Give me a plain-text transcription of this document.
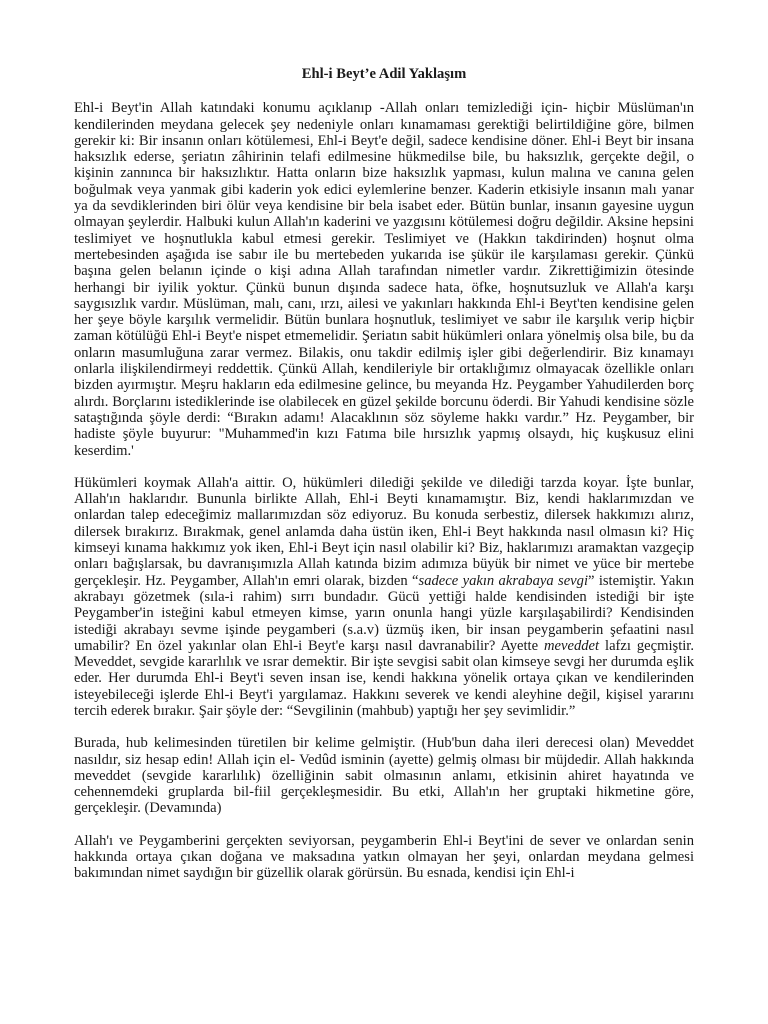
Ehl-i Beyt’e Adil Yaklaşım

Ehl-i Beyt'in Allah katındaki konumu açıklanıp -Allah onları temizlediği için- hiçbir Müslüman'ın kendilerinden meydana gelecek şey nedeniyle onları kınamaması gerektiği belirtildiğine göre, bilmen gerekir ki: Bir insanın onları kötülemesi, Ehl-i Beyt'e değil, sadece kendisine döner. Ehl-i Beyt bir insana haksızlık ederse, şeriatın zâhirinin telafi edilmesine hükmedilse bile, bu haksızlık, gerçekte değil, o kişinin zannınca bir haksızlıktır. Hatta onların bize haksızlık yapması, kulun malına ve canına gelen boğulmak veya yanmak gibi kaderin yok edici eylemlerine benzer. Kaderin etkisiyle insanın malı yanar ya da sevdiklerinden biri ölür veya kendisine bir bela isabet eder. Bütün bunlar, insanın gayesine uygun olmayan şeylerdir. Halbuki kulun Allah'ın kaderini ve yazgısını kötülemesi doğru değildir. Aksine hepsini teslimiyet ve hoşnutlukla kabul etmesi gerekir. Teslimiyet ve (Hakkın takdirinden) hoşnut olma mertebesinden aşağıda ise sabır ile bu mertebeden yukarıda ise şükür ile karşılaması gerekir. Çünkü başına gelen belanın içinde o kişi adına Allah tarafından nimetler vardır. Zikrettiğimizin ötesinde herhangi bir iyilik yoktur. Çünkü bunun dışında sadece hata, öfke, hoşnutsuzluk ve Allah'a karşı saygısızlık vardır. Müslüman, malı, canı, ırzı, ailesi ve yakınları hakkında Ehl-i Beyt'ten kendisine gelen her şeye böyle karşılık vermelidir. Bütün bunlara hoşnutluk, teslimiyet ve sabır ile karşılık verip hiçbir zaman kötülüğü Ehl-i Beyt'e nispet etmemelidir. Şeriatın sabit hükümleri onlara yönelmiş olsa bile, bu da onların masumluğuna zarar vermez. Bilakis, onu takdir edilmiş işler gibi değerlendirir. Biz kınamayı onlarla ilişkilendirmeyi reddettik. Çünkü Allah, kendileriyle bir ortaklığımız olmayacak özellikle onları bizden ayırmıştır. Meşru hakların eda edilmesine gelince, bu meyanda Hz. Peygamber Yahudilerden borç alırdı. Borçlarını istediklerinde ise olabilecek en güzel şekilde borcunu öderdi. Bir Yahudi kendisine sözle sataştığında şöyle derdi: “Bırakın adamı! Alacaklının söz söyleme hakkı vardır.” Hz. Peygamber, bir hadiste şöyle buyurur: "Muhammed'in kızı Fatıma bile hırsızlık yapmış olsaydı, hiç kuşkusuz elini keserdim.'

Hükümleri koymak Allah'a aittir. O, hükümleri dilediği şekilde ve dilediği tarzda koyar. İşte bunlar, Allah'ın haklarıdır. Bununla birlikte Allah, Ehl-i Beyti kınamamıştır. Biz, kendi haklarımızdan ve onlardan talep edeceğimiz mallarımızdan söz ediyoruz. Bu konuda serbestiz, dilersek hakkımızı alırız, dilersek bırakırız. Bırakmak, genel anlamda daha üstün iken, Ehl-i Beyt hakkında nasıl olmasın ki? Hiç kimseyi kınama hakkımız yok iken, Ehl-i Beyt için nasıl olabilir ki? Biz, haklarımızı aramaktan vazgeçip onları bağışlarsak, bu davranışımızla Allah katında bizim adımıza büyük bir nimet ve yüce bir mertebe gerçekleşir. Hz. Peygamber, Allah'ın emri olarak, bizden “sadece yakın akrabaya sevgi” istemiştir. Yakın akrabayı gözetmek (sıla-i rahim) sırrı bundadır. Gücü yettiği halde kendisinden istediği bir işte Peygamber'in isteğini kabul etmeyen kimse, yarın onunla hangi yüzle karşılaşabilirdi? Kendisinden istediği akrabayı sevme işinde peygamberi (s.a.v) üzmüş iken, bir insan peygamberin şefaatini nasıl umabilir? En özel yakınlar olan Ehl-i Beyt'e karşı nasıl davranabilir? Ayette meveddet lafzı geçmiştir. Meveddet, sevgide kararlılık ve ısrar demektir. Bir işte sevgisi sabit olan kimseye sevgi her durumda eşlik eder. Her durumda Ehl-i Beyt'i seven insan ise, kendi hakkına yönelik ortaya çıkan ve kendilerinden isteyebileceği işlerde Ehl-i Beyt'i yargılamaz. Hakkını severek ve kendi aleyhine değil, kişisel yararını tercih ederek bırakır. Şair şöyle der: “Sevgilinin (mahbub) yaptığı her şey sevimlidir.”

Burada, hub kelimesinden türetilen bir kelime gelmiştir. (Hub'bun daha ileri derecesi olan) Meveddet nasıldır, siz hesap edin! Allah için el- Vedûd isminin (ayette) gelmiş olması bir müjdedir. Allah hakkında meveddet (sevgide kararlılık) özelliğinin sabit olmasının anlamı, etkisinin ahiret hayatında ve cehennemdeki gruplarda bil-fiil gerçekleşmesidir. Bu etki, Allah'ın her gruptaki hikmetine göre, gerçekleşir. (Devamında)

Allah'ı ve Peygamberini gerçekten seviyorsan, peygamberin Ehl-i Beyt'ini de sever ve onlardan senin hakkında ortaya çıkan doğana ve maksadına yatkın olmayan her şeyi, onlardan meydana gelmesi bakımından nimet saydığın bir güzellik olarak görürsün. Bu esnada, kendisi için Ehl-i
